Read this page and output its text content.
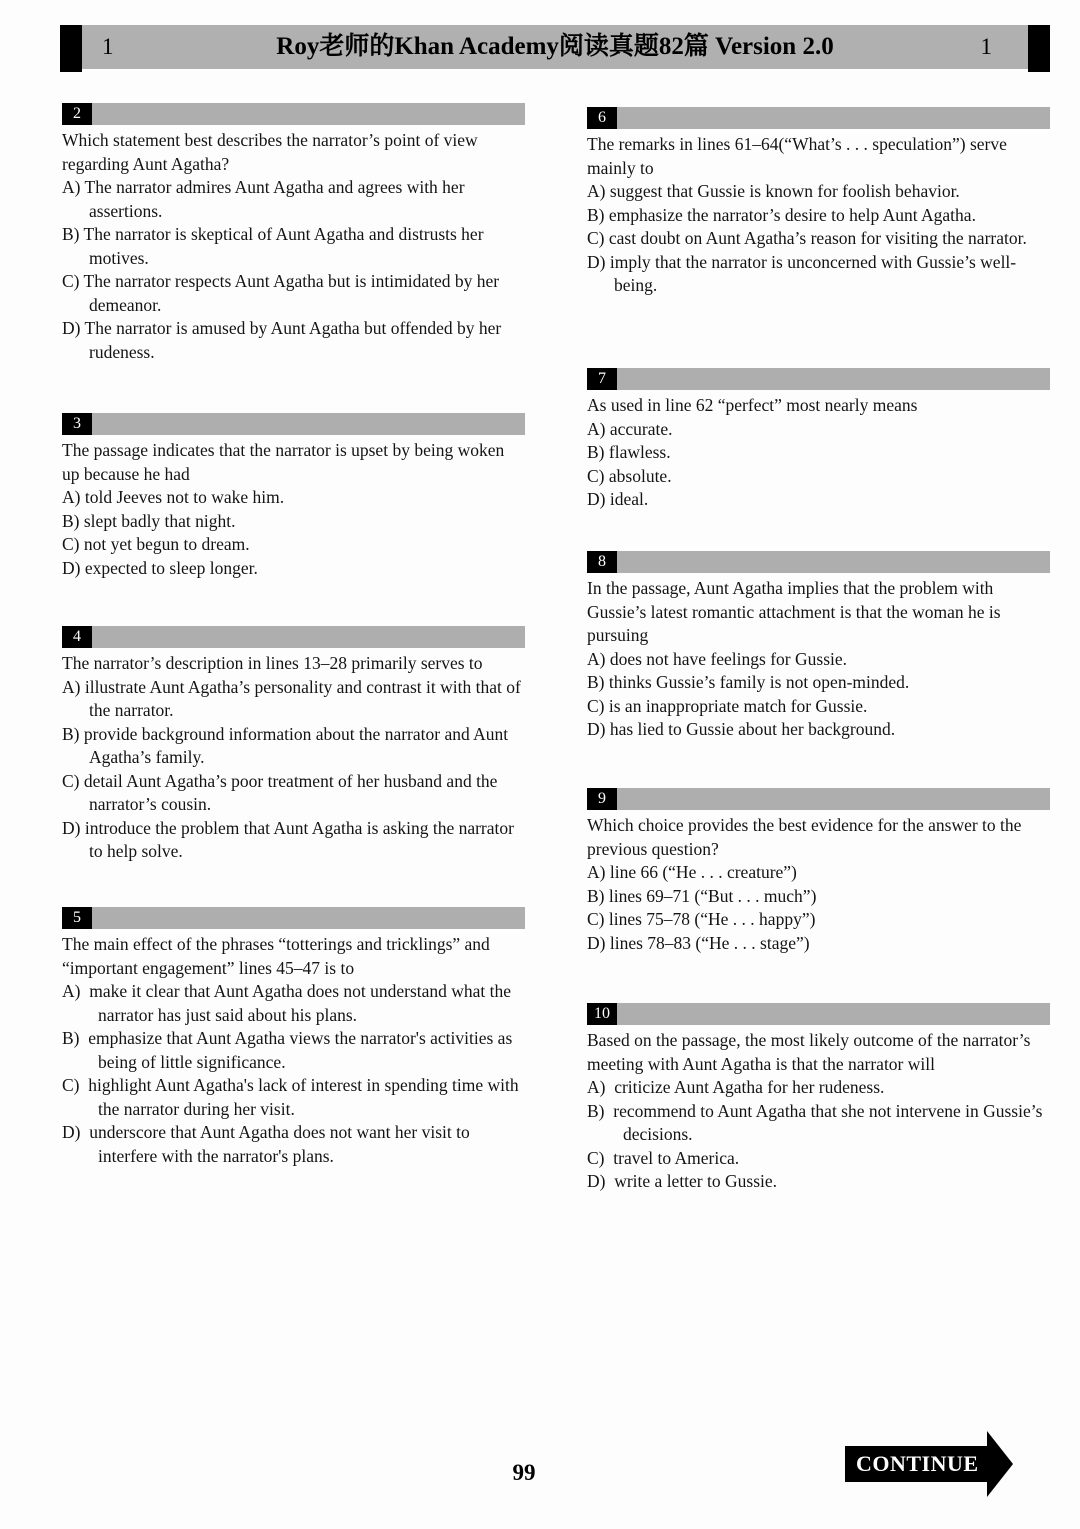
1	Roy老师的Khan Academy阅读真题82篇 Version 2.0	1
2

Which statement best describes the narrator’s point of view regarding Aunt Agatha?

A) The narrator admires Aunt Agatha and agrees with her assertions.
B) The narrator is skeptical of Aunt Agatha and distrusts her motives.
C) The narrator respects Aunt Agatha but is intimidated by her demeanor.
D) The narrator is amused by Aunt Agatha but offended by her rudeness.
3

The passage indicates that the narrator is upset by being woken up because he had

A) told Jeeves not to wake him.
B) slept badly that night.
C) not yet begun to dream.
D) expected to sleep longer.
4

The narrator’s description in lines 13–28 primarily serves to

A) illustrate Aunt Agatha’s personality and contrast it with that of the narrator.
B) provide background information about the narrator and Aunt Agatha’s family.
C) detail Aunt Agatha’s poor treatment of her husband and the narrator’s cousin.
D) introduce the problem that Aunt Agatha is asking the narrator to help solve.
5

The main effect of the phrases “totterings and tricklings” and “important engagement” lines 45–47 is to

A)  make it clear that Aunt Agatha does not understand what the narrator has just said about his plans.
B)  emphasize that Aunt Agatha views the narrator's activities as being of little significance.
C)  highlight Aunt Agatha's lack of interest in spending time with the narrator during her visit.
D)  underscore that Aunt Agatha does not want her visit to interfere with the narrator's plans.
6

The remarks in lines 61–64(“What’s . . . speculation”) serve mainly to

A) suggest that Gussie is known for foolish behavior.
B) emphasize the narrator’s desire to help Aunt Agatha.
C) cast doubt on Aunt Agatha’s reason for visiting the narrator.
D) imply that the narrator is unconcerned with Gussie’s well-being.
7

As used in line 62 “perfect” most nearly means

A) accurate.
B) flawless.
C) absolute.
D) ideal.
8

In the passage, Aunt Agatha implies that the problem with Gussie’s latest romantic attachment is that the woman he is pursuing

A) does not have feelings for Gussie.
B) thinks Gussie’s family is not open-minded.
C) is an inappropriate match for Gussie.
D) has lied to Gussie about her background.
9

Which choice provides the best evidence for the answer to the previous question?

A) line 66 (“He . . . creature”)
B) lines 69–71 (“But . . . much”)
C) lines 75–78 (“He . . . happy”)
D) lines 78–83 (“He . . . stage”)
10

Based on the passage, the most likely outcome of the narrator’s meeting with Aunt Agatha is that the narrator will

A)  criticize Aunt Agatha for her rudeness.
B)  recommend to Aunt Agatha that she not intervene in Gussie’s decisions.
C)  travel to America.
D)  write a letter to Gussie.
99	CONTINUE
